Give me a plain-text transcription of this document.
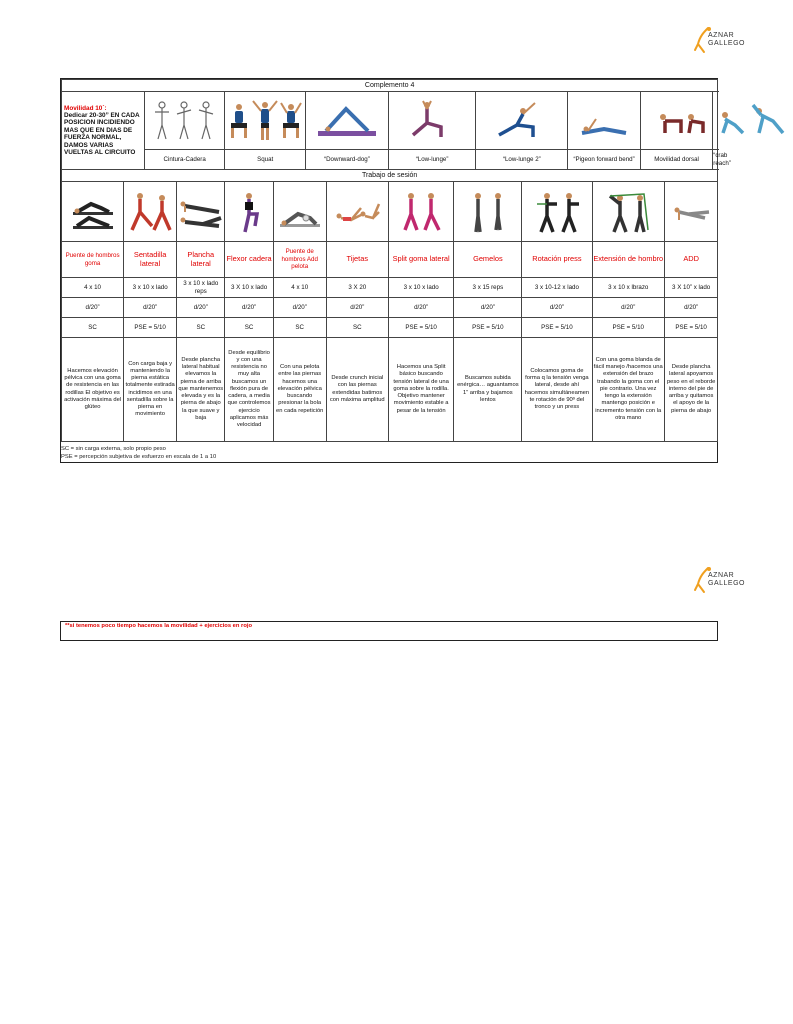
AZNAR
GALLEGO
Complemento 4																
Movilidad 10´:
Dedicar 20-30” EN CADA POSICION INCIDIENDO MAS QUE EN DIAS DE FUERZA NORMAL, DAMOS VARIAS VUELTAS AL CIRCUITO	

		Cintura-Cadera		Squat		“Downward-dog”		“Low-lunge”		“Low-lunge 2”		“Pigeon forward bend”		Movilidad dorsal		“crab reach”
Trabajo de sesión																

Puente de hombros goma	Sentadilla lateral		Plancha lateral	Flexor cadera	Puente de hombros Add pelota		Tijetas	Split goma lateral	Gemelos		Rotación press		Extensión de hombro		ADD	
4 x 10	3 x 10 x lado		3 x 10 x lado reps	3 X 10 x lado	4 x 10		3 X 20	3 x 10 x lado	3 x 15 reps		3 x 10-12 x lado		3 x 10 x lbrazo		3 X 10” x lado	
d/20”	d/20”		d/20”	d/20”	d/20”		d/20”	d/20”	d/20”		d/20”		d/20”		d/20”	
SC	PSE = 5/10		SC	SC	SC		SC	PSE = 5/10	PSE = 5/10		PSE = 5/10		PSE = 5/10		PSE = 5/10	
Hacemos elevación pélvica con una goma de resistencia en las rodillas El objetivo es activación máxima del glúteo	Con carga baja y manteniendo la pierna estática totalmente estirada incidimos en una sentadilla sobre la pierna en movimiento		Desde plancha lateral habitual elevamos la pierna de arriba que mantenemos elevada y es la pierna de abajo la que suave y baja	Desde equilibrio y con una resistencia no muy alta buscamos un flexión pura de cadera, a media que controlemos ejercicio aplicamos más velocidad	Con una pelota entre las piernas hacemos una elevación pélvica buscando presionar la bola en cada repetición		Desde crunch inicial con las piernas extendidas batimos con máxima amplitud	Hacemos una Split básico buscando tensión lateral de una goma sobre la rodilla. Objetivo mantener movimiento estable a pesar de la tensión	Buscamos subida enérgica… aguantamos 1” arriba y bajamos lentos		Colocamos goma de forma q la tensión venga lateral, desde ahí hacemos simultáneamen te rotación de 90º del tronco y un press		Con una goma blanda de fácil manejo /hacemos una extensión del brazo trabando la goma con el pie contrario. Una vez tengo la extensión mantengo posición e incremento tensión con la otra mano		Desde plancha lateral apoyamos peso en el reborde interno del pie de arriba y quitamos el apoyo de la pierna de abajo	
SC = sin carga externa, solo propio peso
PSE = percepción subjetiva de esfuerzo en escala de 1 a 10
AZNAR
GALLEGO
**si tenemos poco tiempo hacemos la movilidad + ejercicios en rojo
